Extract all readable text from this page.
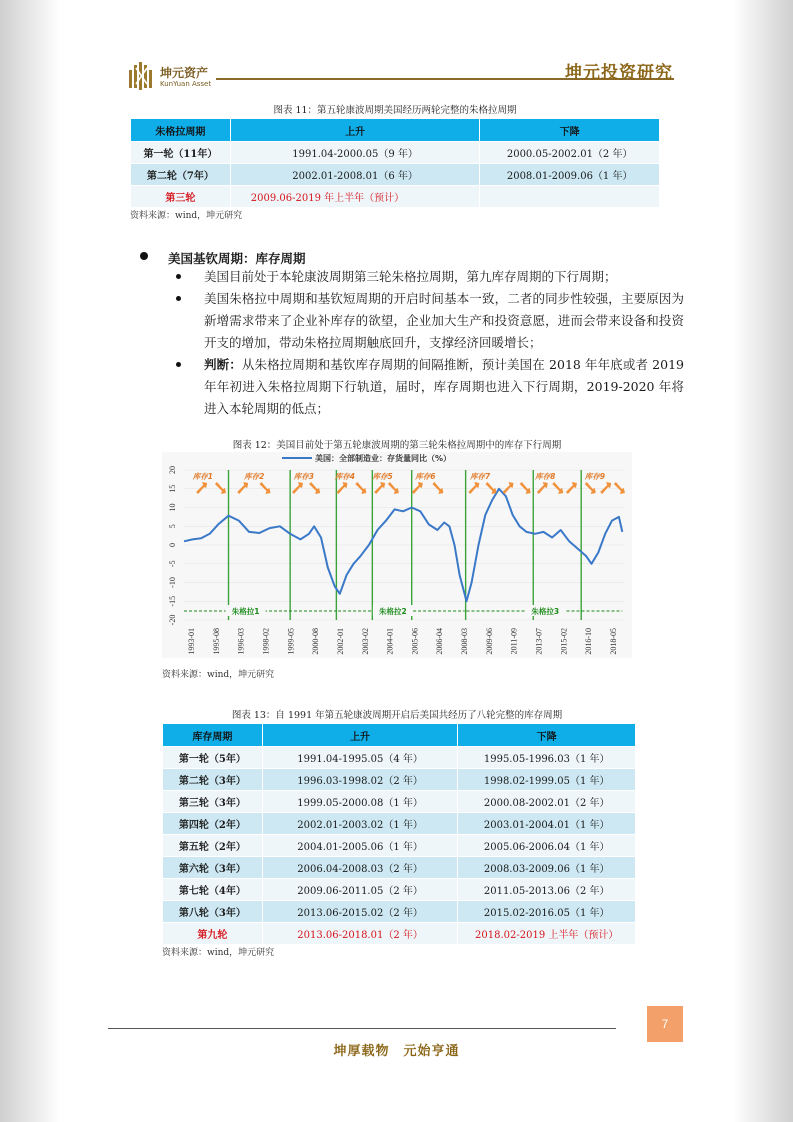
坤元资产
KunYuan Asset
坤元投资研究
图表 11：第五轮康波周期美国经历两轮完整的朱格拉周期
朱格拉周期	上升	下降
第一轮（11年）	1991.04-2000.05（9 年）	2000.05-2002.01（2 年）
第二轮（7年）	2002.01-2008.01（6 年）	2008.01-2009.06（1 年）
第三轮	2009.06-2019 年上半年（预计）	
资料来源：wind，坤元研究
美国基钦周期：库存周期
美国目前处于本轮康波周期第三轮朱格拉周期，第九库存周期的下行周期；
美国朱格拉中周期和基钦短周期的开启时间基本一致，二者的同步性较强，主要原因为新增需求带来了企业补库存的欲望，企业加大生产和投资意愿，进而会带来设备和投资开支的增加，带动朱格拉周期触底回升，支撑经济回暖增长；
判断：从朱格拉周期和基钦库存周期的间隔推断，预计美国在 2018 年年底或者 2019 年年初进入朱格拉周期下行轨道，届时，库存周期也进入下行周期，2019-2020 年将进入本轮周期的低点；
图表 12：美国目前处于第五轮康波周期的第三轮朱格拉周期中的库存下行周期
20
15
10
5
0
-5
-10
-15
-20
1993-01 1995-08 1996-03 1998-02 1999-05 2000-08 2002-01 2003-02 2004-01 2005-06 2006-04 2008-03 2009-06 2011-09 2013-07 2015-02 2016-10 2018-05
库存1	库存2	库存3	库存4 库存5	库存6	库存7	库存8	库存9
朱格拉1	朱格拉2	朱格拉3
美国：全部制造业：存货量同比（%）
资料来源：wind，坤元研究
图表 13：自 1991 年第五轮康波周期开启后美国共经历了八轮完整的库存周期
库存周期	上升	下降
第一轮（5年）	1991.04-1995.05（4 年）	1995.05-1996.03（1 年）
第二轮（3年）	1996.03-1998.02（2 年）	1998.02-1999.05（1 年）
第三轮（3年）	1999.05-2000.08（1 年）	2000.08-2002.01（2 年）
第四轮（2年）	2002.01-2003.02（1 年）	2003.01-2004.01（1 年）
第五轮（2年）	2004.01-2005.06（1 年）	2005.06-2006.04（1 年）
第六轮（3年）	2006.04-2008.03（2 年）	2008.03-2009.06（1 年）
第七轮（4年）	2009.06-2011.05（2 年）	2011.05-2013.06（2 年）
第八轮（3年）	2013.06-2015.02（2 年）	2015.02-2016.05（1 年）
第九轮	2013.06-2018.01（2 年）	2018.02-2019 上半年（预计）
资料来源：wind，坤元研究
7
坤厚载物　元始亨通
